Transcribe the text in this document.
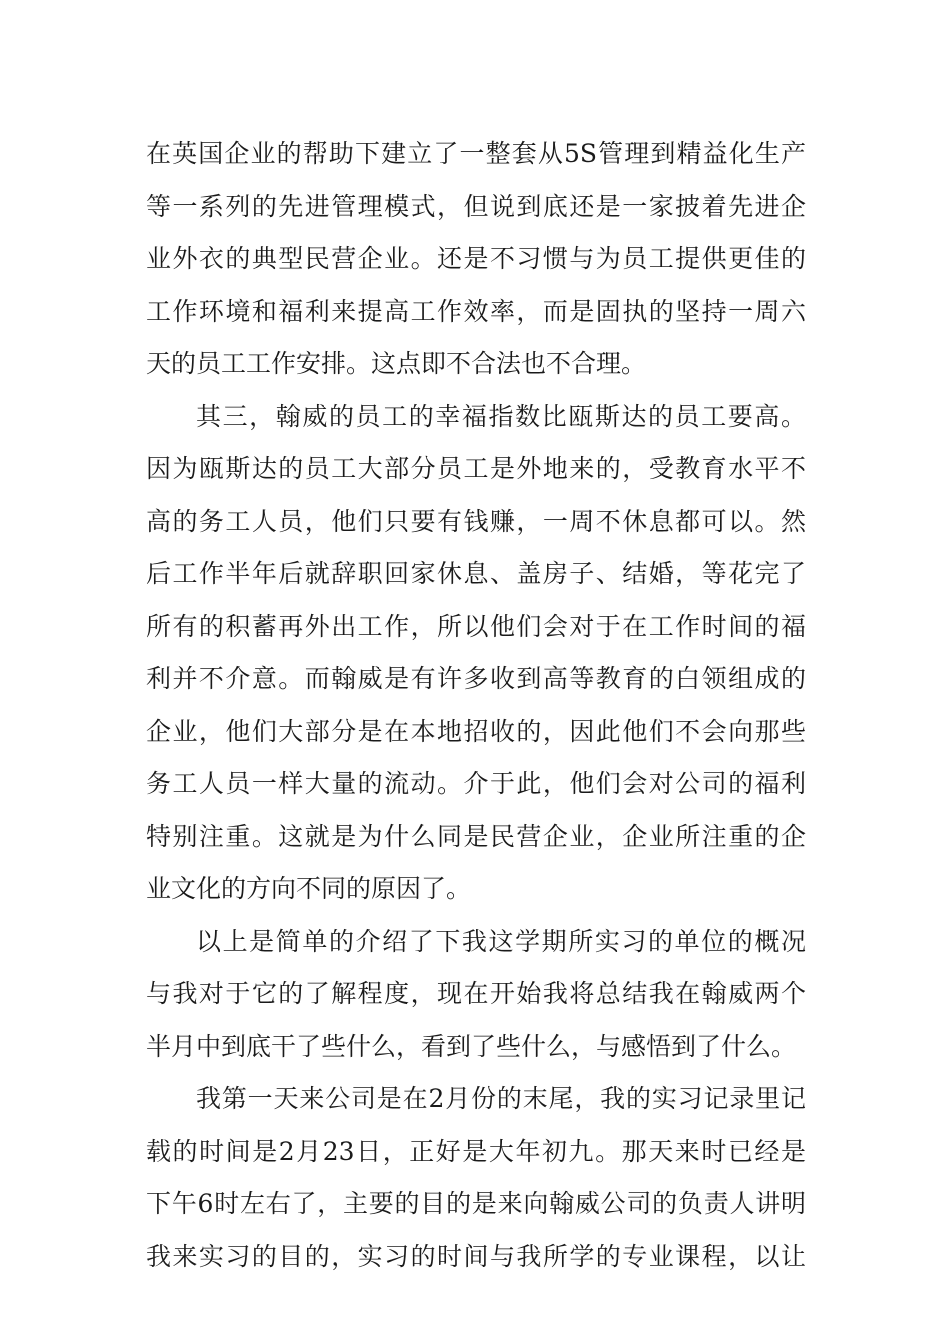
在英国企业的帮助下建立了一整套从5S管理到精益化生产
等一系列的先进管理模式，但说到底还是一家披着先进企
业外衣的典型民营企业。还是不习惯与为员工提供更佳的
工作环境和福利来提高工作效率，而是固执的坚持一周六
天的员工工作安排。这点即不合法也不合理。
其三，翰威的员工的幸福指数比瓯斯达的员工要高。
因为瓯斯达的员工大部分员工是外地来的，受教育水平不
高的务工人员，他们只要有钱赚，一周不休息都可以。然
后工作半年后就辞职回家休息、盖房子、结婚，等花完了
所有的积蓄再外出工作，所以他们会对于在工作时间的福
利并不介意。而翰威是有许多收到高等教育的白领组成的
企业，他们大部分是在本地招收的，因此他们不会向那些
务工人员一样大量的流动。介于此，他们会对公司的福利
特别注重。这就是为什么同是民营企业，企业所注重的企
业文化的方向不同的原因了。
以上是简单的介绍了下我这学期所实习的单位的概况
与我对于它的了解程度，现在开始我将总结我在翰威两个
半月中到底干了些什么，看到了些什么，与感悟到了什么。
我第一天来公司是在2月份的末尾，我的实习记录里记
载的时间是2月23日，正好是大年初九。那天来时已经是
下午6时左右了，主要的目的是来向翰威公司的负责人讲明
我来实习的目的，实习的时间与我所学的专业课程，以让
